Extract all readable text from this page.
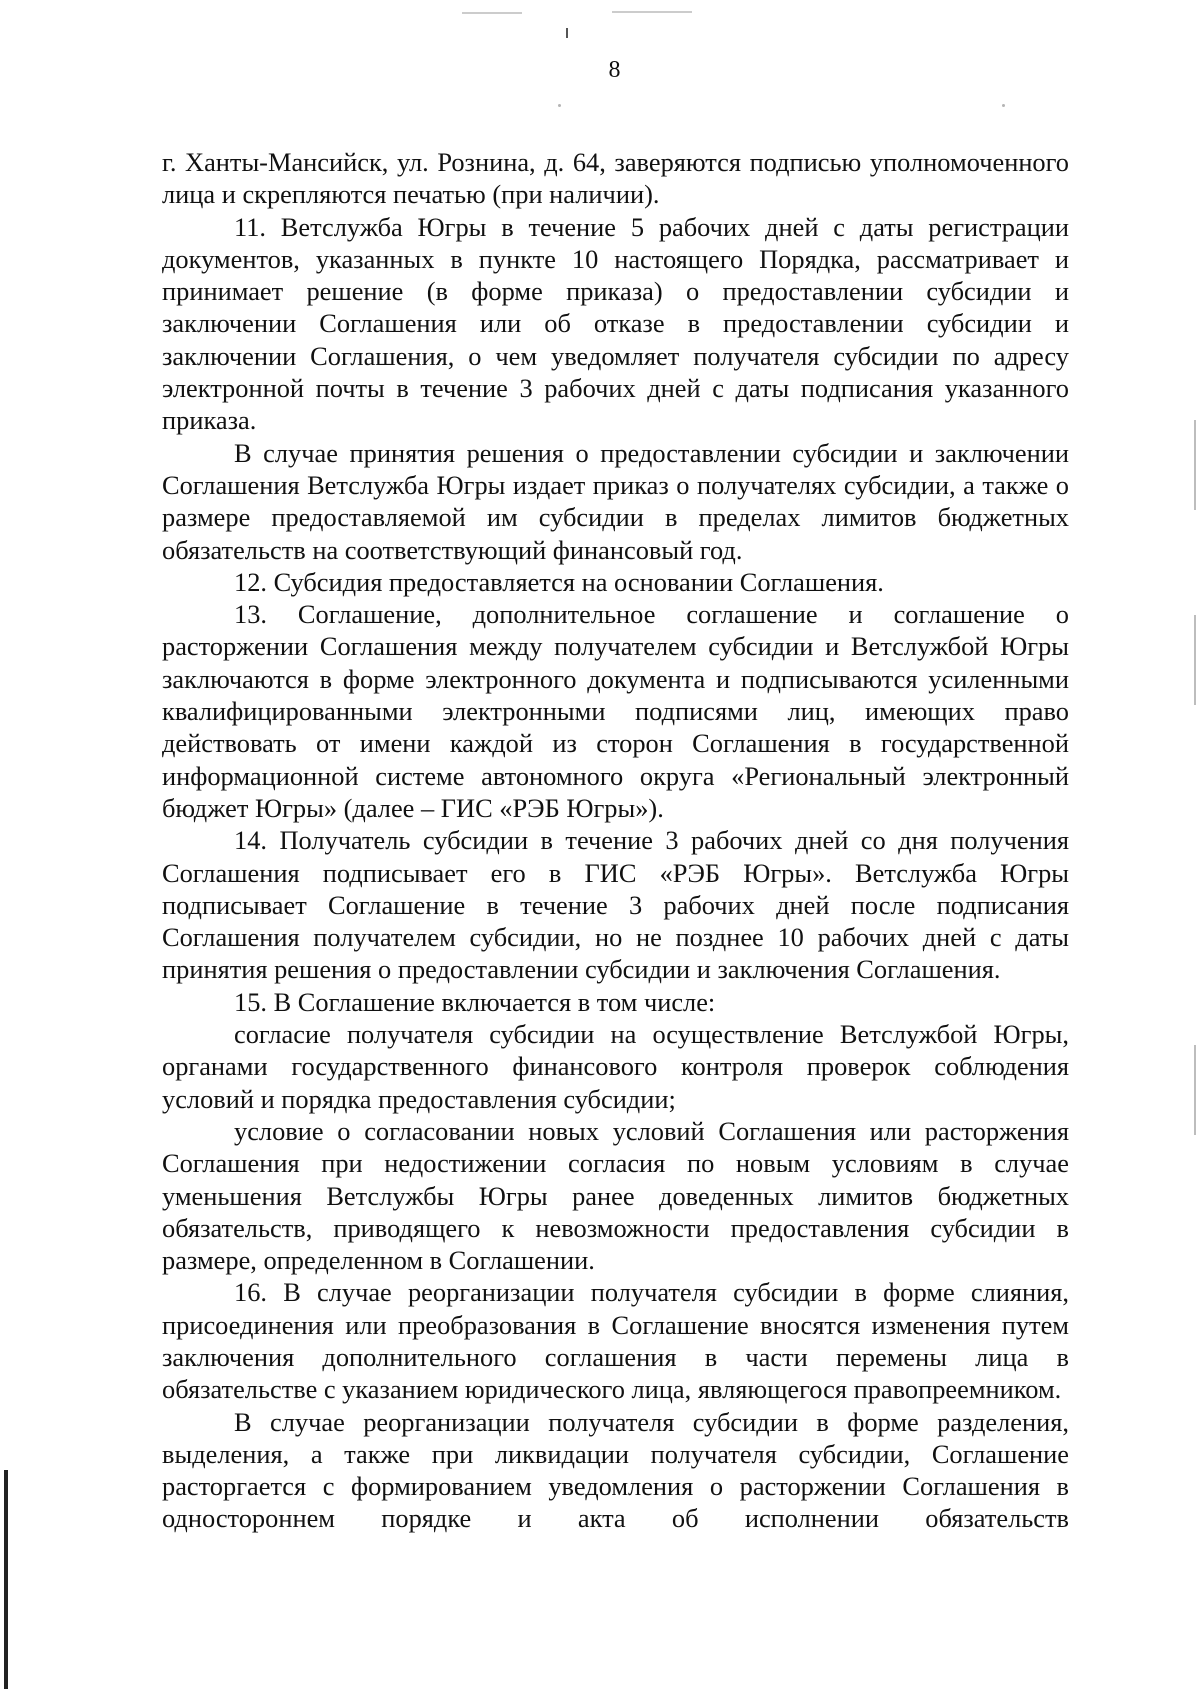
8

г. Ханты-Мансийск, ул. Рознина, д. 64, заверяются подписью уполномоченного лица и скрепляются печатью (при наличии).

11. Ветслужба Югры в течение 5 рабочих дней с даты регистрации документов, указанных в пункте 10 настоящего Порядка, рассматривает и принимает решение (в форме приказа) о предоставлении субсидии и заключении Соглашения или об отказе в предоставлении субсидии и заключении Соглашения, о чем уведомляет получателя субсидии по адресу электронной почты в течение 3 рабочих дней с даты подписания указанного приказа.

В случае принятия решения о предоставлении субсидии и заключении Соглашения Ветслужба Югры издает приказ о получателях субсидии, а также о размере предоставляемой им субсидии в пределах лимитов бюджетных обязательств на соответствующий финансовый год.

12. Субсидия предоставляется на основании Соглашения.

13. Соглашение, дополнительное соглашение и соглашение о расторжении Соглашения между получателем субсидии и Ветслужбой Югры заключаются в форме электронного документа и подписываются усиленными квалифицированными электронными подписями лиц, имеющих право действовать от имени каждой из сторон Соглашения в государственной информационной системе автономного округа «Региональный электронный бюджет Югры» (далее – ГИС «РЭБ Югры»).

14. Получатель субсидии в течение 3 рабочих дней со дня получения Соглашения подписывает его в ГИС «РЭБ Югры». Ветслужба Югры подписывает Соглашение в течение 3 рабочих дней после подписания Соглашения получателем субсидии, но не позднее 10 рабочих дней с даты принятия решения о предоставлении субсидии и заключения Соглашения.

15. В Соглашение включается в том числе:

согласие получателя субсидии на осуществление Ветслужбой Югры, органами государственного финансового контроля проверок соблюдения условий и порядка предоставления субсидии;

условие о согласовании новых условий Соглашения или расторжения Соглашения при недостижении согласия по новым условиям в случае уменьшения Ветслужбы Югры ранее доведенных лимитов бюджетных обязательств, приводящего к невозможности предоставления субсидии в размере, определенном в Соглашении.

16. В случае реорганизации получателя субсидии в форме слияния, присоединения или преобразования в Соглашение вносятся изменения путем заключения дополнительного соглашения в части перемены лица в обязательстве с указанием юридического лица, являющегося правопреемником.

В случае реорганизации получателя субсидии в форме разделения, выделения, а также при ликвидации получателя субсидии, Соглашение расторгается с формированием уведомления о расторжении Соглашения в одностороннем порядке и акта об исполнении обязательств
